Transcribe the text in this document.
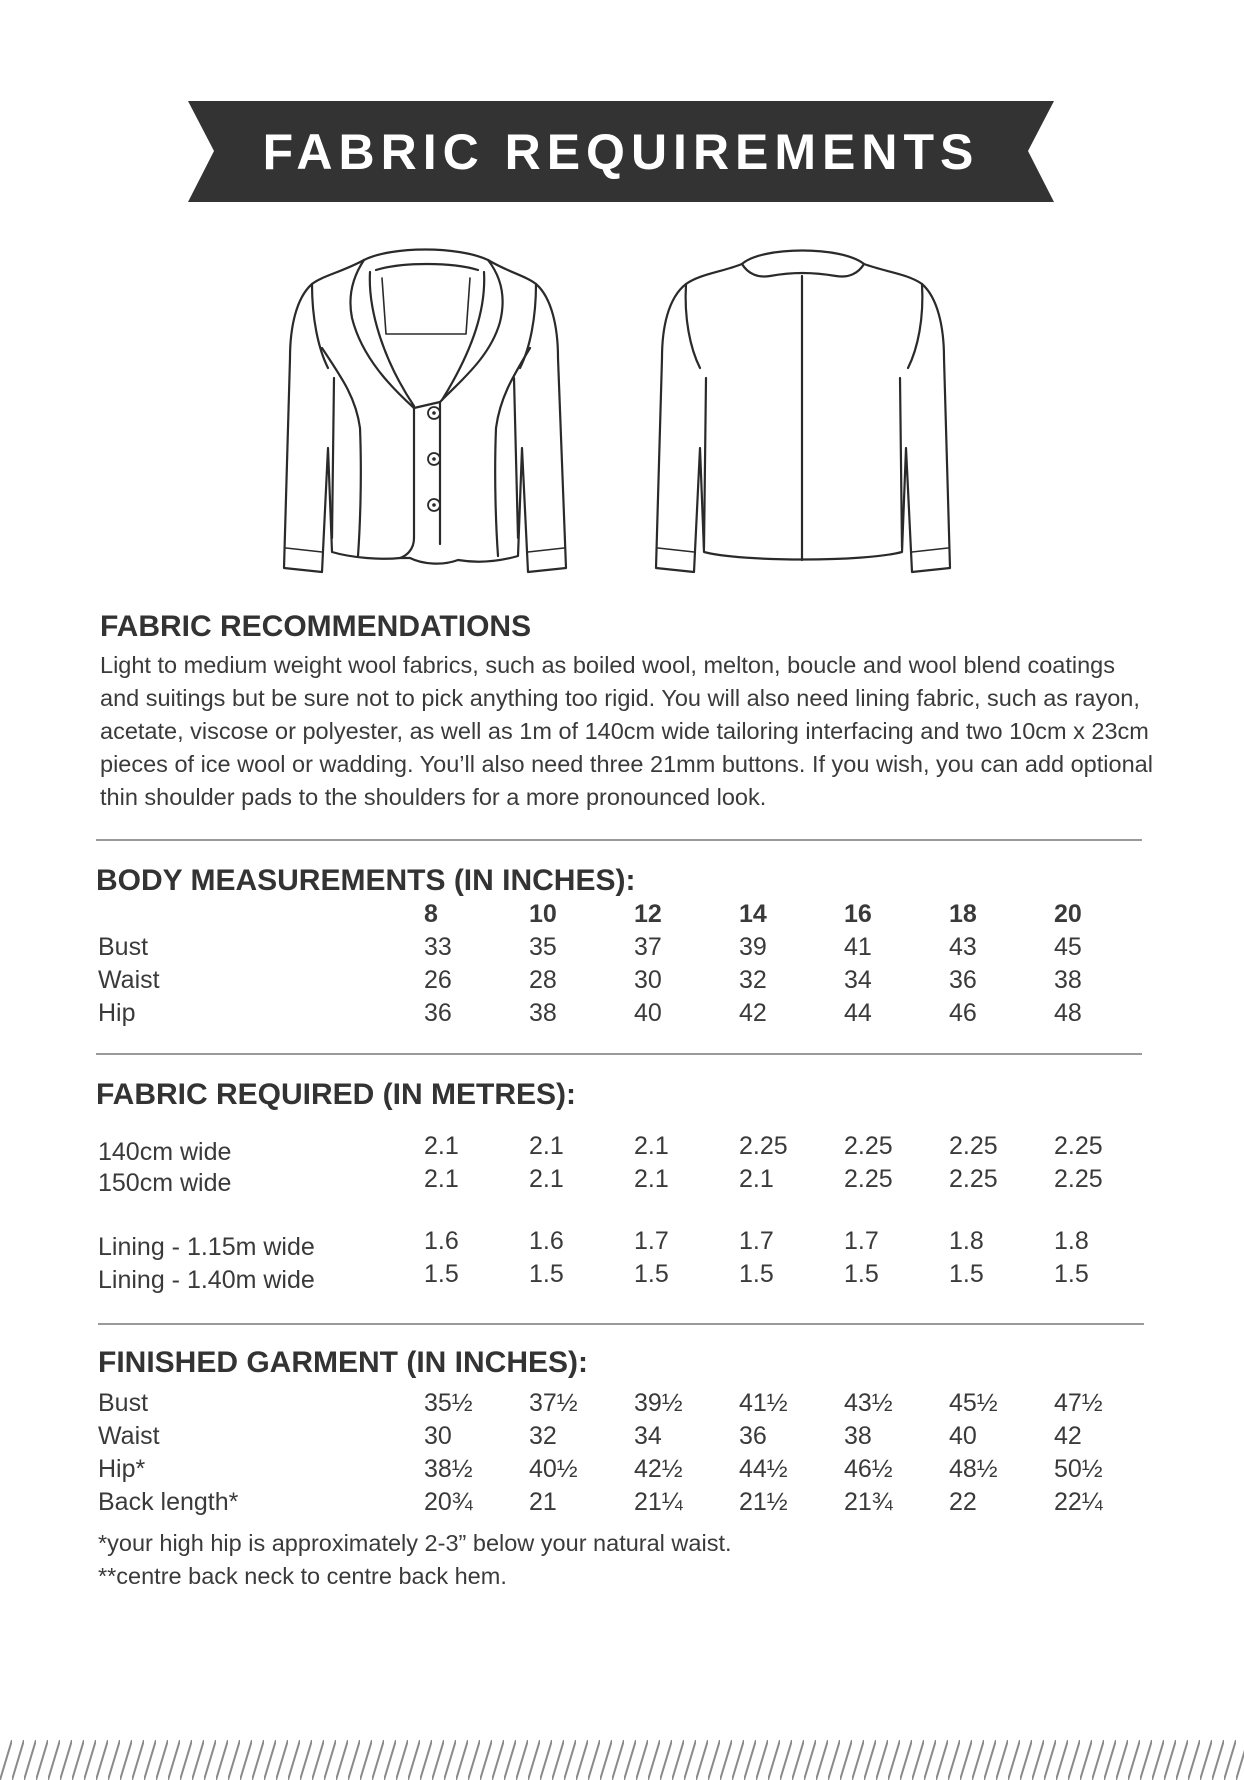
FABRIC REQUIREMENTS
FABRIC RECOMMENDATIONS
Light to medium weight wool fabrics, such as boiled wool, melton, boucle and wool blend coatings and suitings but be sure not to pick anything too rigid. You will also need lining fabric, such as rayon, acetate, viscose or polyester, as well as 1m of 140cm wide tailoring interfacing and two 10cm x 23cm pieces of ice wool or wadding. You’ll also need three 21mm buttons. If you wish, you can add optional thin shoulder pads to the shoulders for a more pronounced look.
BODY MEASUREMENTS (IN INCHES):
8	10	12	14	16	18	20
Bust	33	35	37	39	41	43	45
Waist	26	28	30	32	34	36	38
Hip	36	38	40	42	44	46	48
FABRIC REQUIRED (IN METRES):
140cm wide	2.1	2.1	2.1	2.25 2.25 2.25 2.25
150cm wide	2.1	2.1	2.1	2.1	2.25 2.25 2.25
Lining - 1.15m wide	1.6	1.6	1.7	1.7	1.7	1.8	1.8
Lining - 1.40m wide	1.5	1.5	1.5	1.5	1.5	1.5	1.5
FINISHED GARMENT (IN INCHES):
Bust	35½ 37½ 39½ 41½ 43½ 45½ 47½
Waist	30	32	34	36	38	40	42
Hip*	38½ 40½ 42½ 44½ 46½ 48½ 50½
Back length*	20¾ 21	21¼ 21½ 21¾ 22	22¼
*your high hip is approximately 2-3” below your natural waist.
**centre back neck to centre back hem.
